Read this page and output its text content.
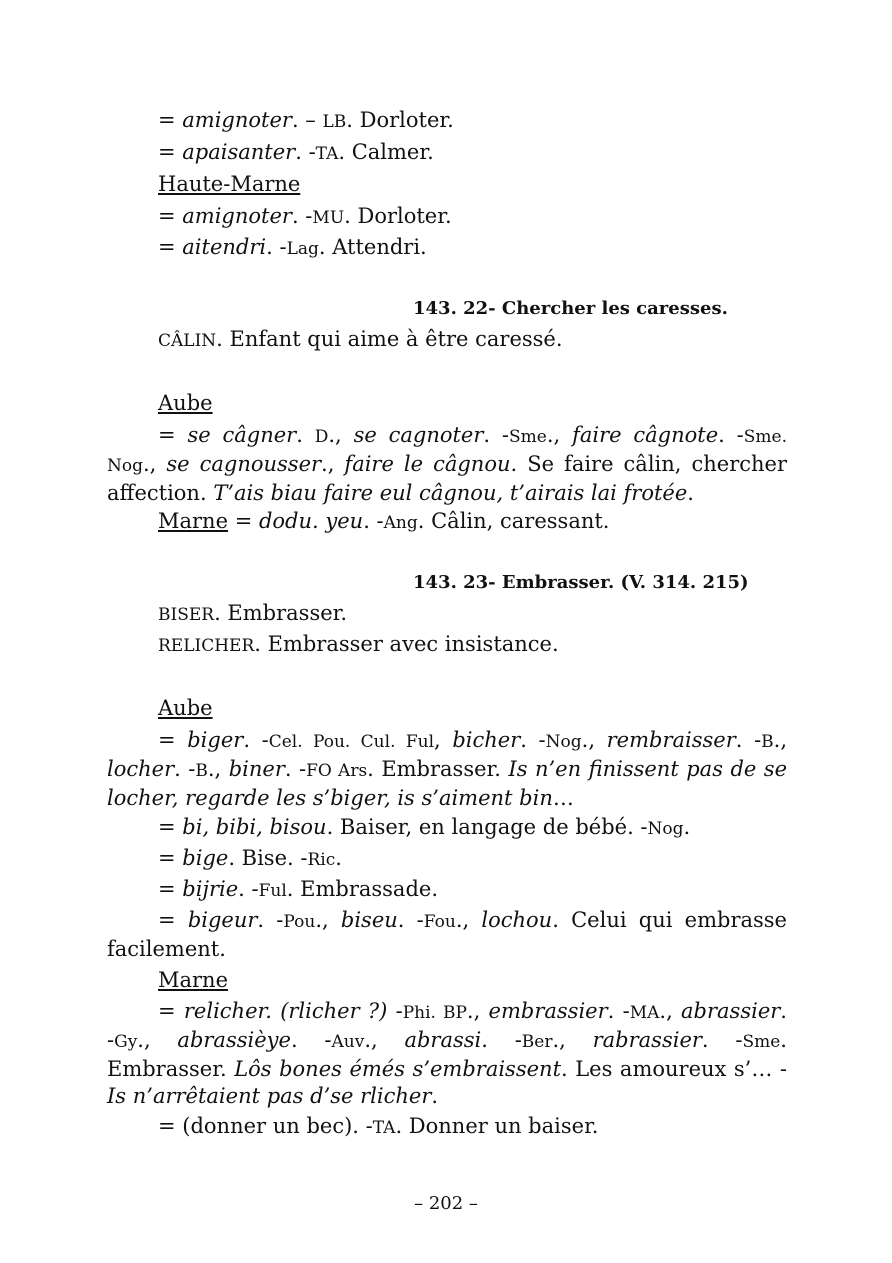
= amignoter. – LB. Dorloter.
= apaisanter. -TA. Calmer.
Haute-Marne
= amignoter. -MU. Dorloter.
= aitendri. -Lag. Attendri.
143. 22- Chercher les caresses.
CÂLIN. Enfant qui aime à être caressé.
Aube
= se câgner. D., se cagnoter. -Sme., faire câgnote. -Sme. Nog., se cagnousser., faire le câgnou. Se faire câlin, chercher affection. T’ais biau faire eul câgnou, t’airais lai frotée.
Marne = dodu. yeu. -Ang. Câlin, caressant.
143. 23- Embrasser. (V. 314. 215)
BISER. Embrasser.
RELICHER. Embrasser avec insistance.
Aube
= biger. -Cel. Pou. Cul. Ful, bicher. -Nog., rembraisser. -B., locher. -B., biner. -FO Ars. Embrasser. Is n’en finissent pas de se locher, regarde les s’biger, is s’aiment bin…
= bi, bibi, bisou. Baiser, en langage de bébé. -Nog.
= bige. Bise. -Ric.
= bijrie. -Ful. Embrassade.
= bigeur. -Pou., biseu. -Fou., lochou. Celui qui embrasse facilement.
Marne
= relicher. (rlicher ?) -Phi. BP., embrassier. -MA., abrassier. -Gy., abrassièye. -Auv., abrassi. -Ber., rabrassier. -Sme. Embrasser. Lôs bones émés s’embraissent. Les amoureux s’… - Is n’arrêtaient pas d’se rlicher.
= (donner un bec). -TA. Donner un baiser.
– 202 –
